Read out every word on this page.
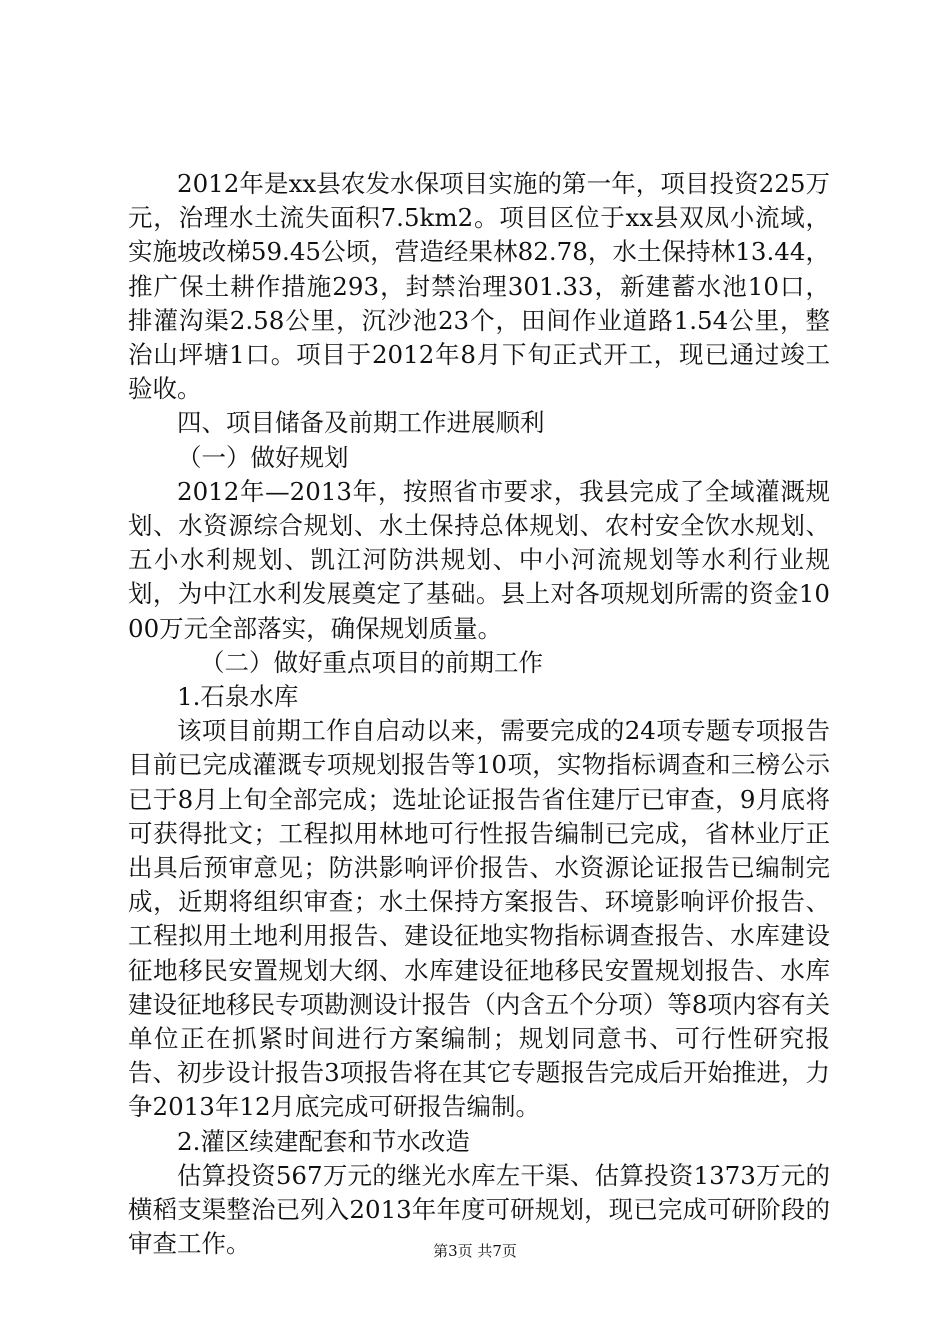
2012年是xx县农发水保项目实施的第一年，项目投资225万元，治理水土流失面积7.5km2。项目区位于xx县双凤小流域，实施坡改梯59.45公顷，营造经果林82.78，水土保持林13.44，推广保土耕作措施293，封禁治理301.33，新建蓄水池10口，排灌沟渠2.58公里，沉沙池23个，田间作业道路1.54公里，整治山坪塘1口。项目于2012年8月下旬正式开工，现已通过竣工验收。

四、项目储备及前期工作进展顺利

（一）做好规划

2012年—2013年，按照省市要求，我县完成了全域灌溉规划、水资源综合规划、水土保持总体规划、农村安全饮水规划、五小水利规划、凯江河防洪规划、中小河流规划等水利行业规划，为中江水利发展奠定了基础。县上对各项规划所需的资金1000万元全部落实，确保规划质量。

（二）做好重点项目的前期工作

1.石泉水库

该项目前期工作自启动以来，需要完成的24项专题专项报告目前已完成灌溉专项规划报告等10项，实物指标调查和三榜公示已于8月上旬全部完成；选址论证报告省住建厅已审查，9月底将可获得批文；工程拟用林地可行性报告编制已完成，省林业厅正出具后预审意见；防洪影响评价报告、水资源论证报告已编制完成，近期将组织审查；水土保持方案报告、环境影响评价报告、工程拟用土地利用报告、建设征地实物指标调查报告、水库建设征地移民安置规划大纲、水库建设征地移民安置规划报告、水库建设征地移民专项勘测设计报告（内含五个分项）等8项内容有关单位正在抓紧时间进行方案编制；规划同意书、可行性研究报告、初步设计报告3项报告将在其它专题报告完成后开始推进，力争2013年12月底完成可研报告编制。

2.灌区续建配套和节水改造

估算投资567万元的继光水库左干渠、估算投资1373万元的横稻支渠整治已列入2013年年度可研规划，现已完成可研阶段的审查工作。	第3页 共7页
